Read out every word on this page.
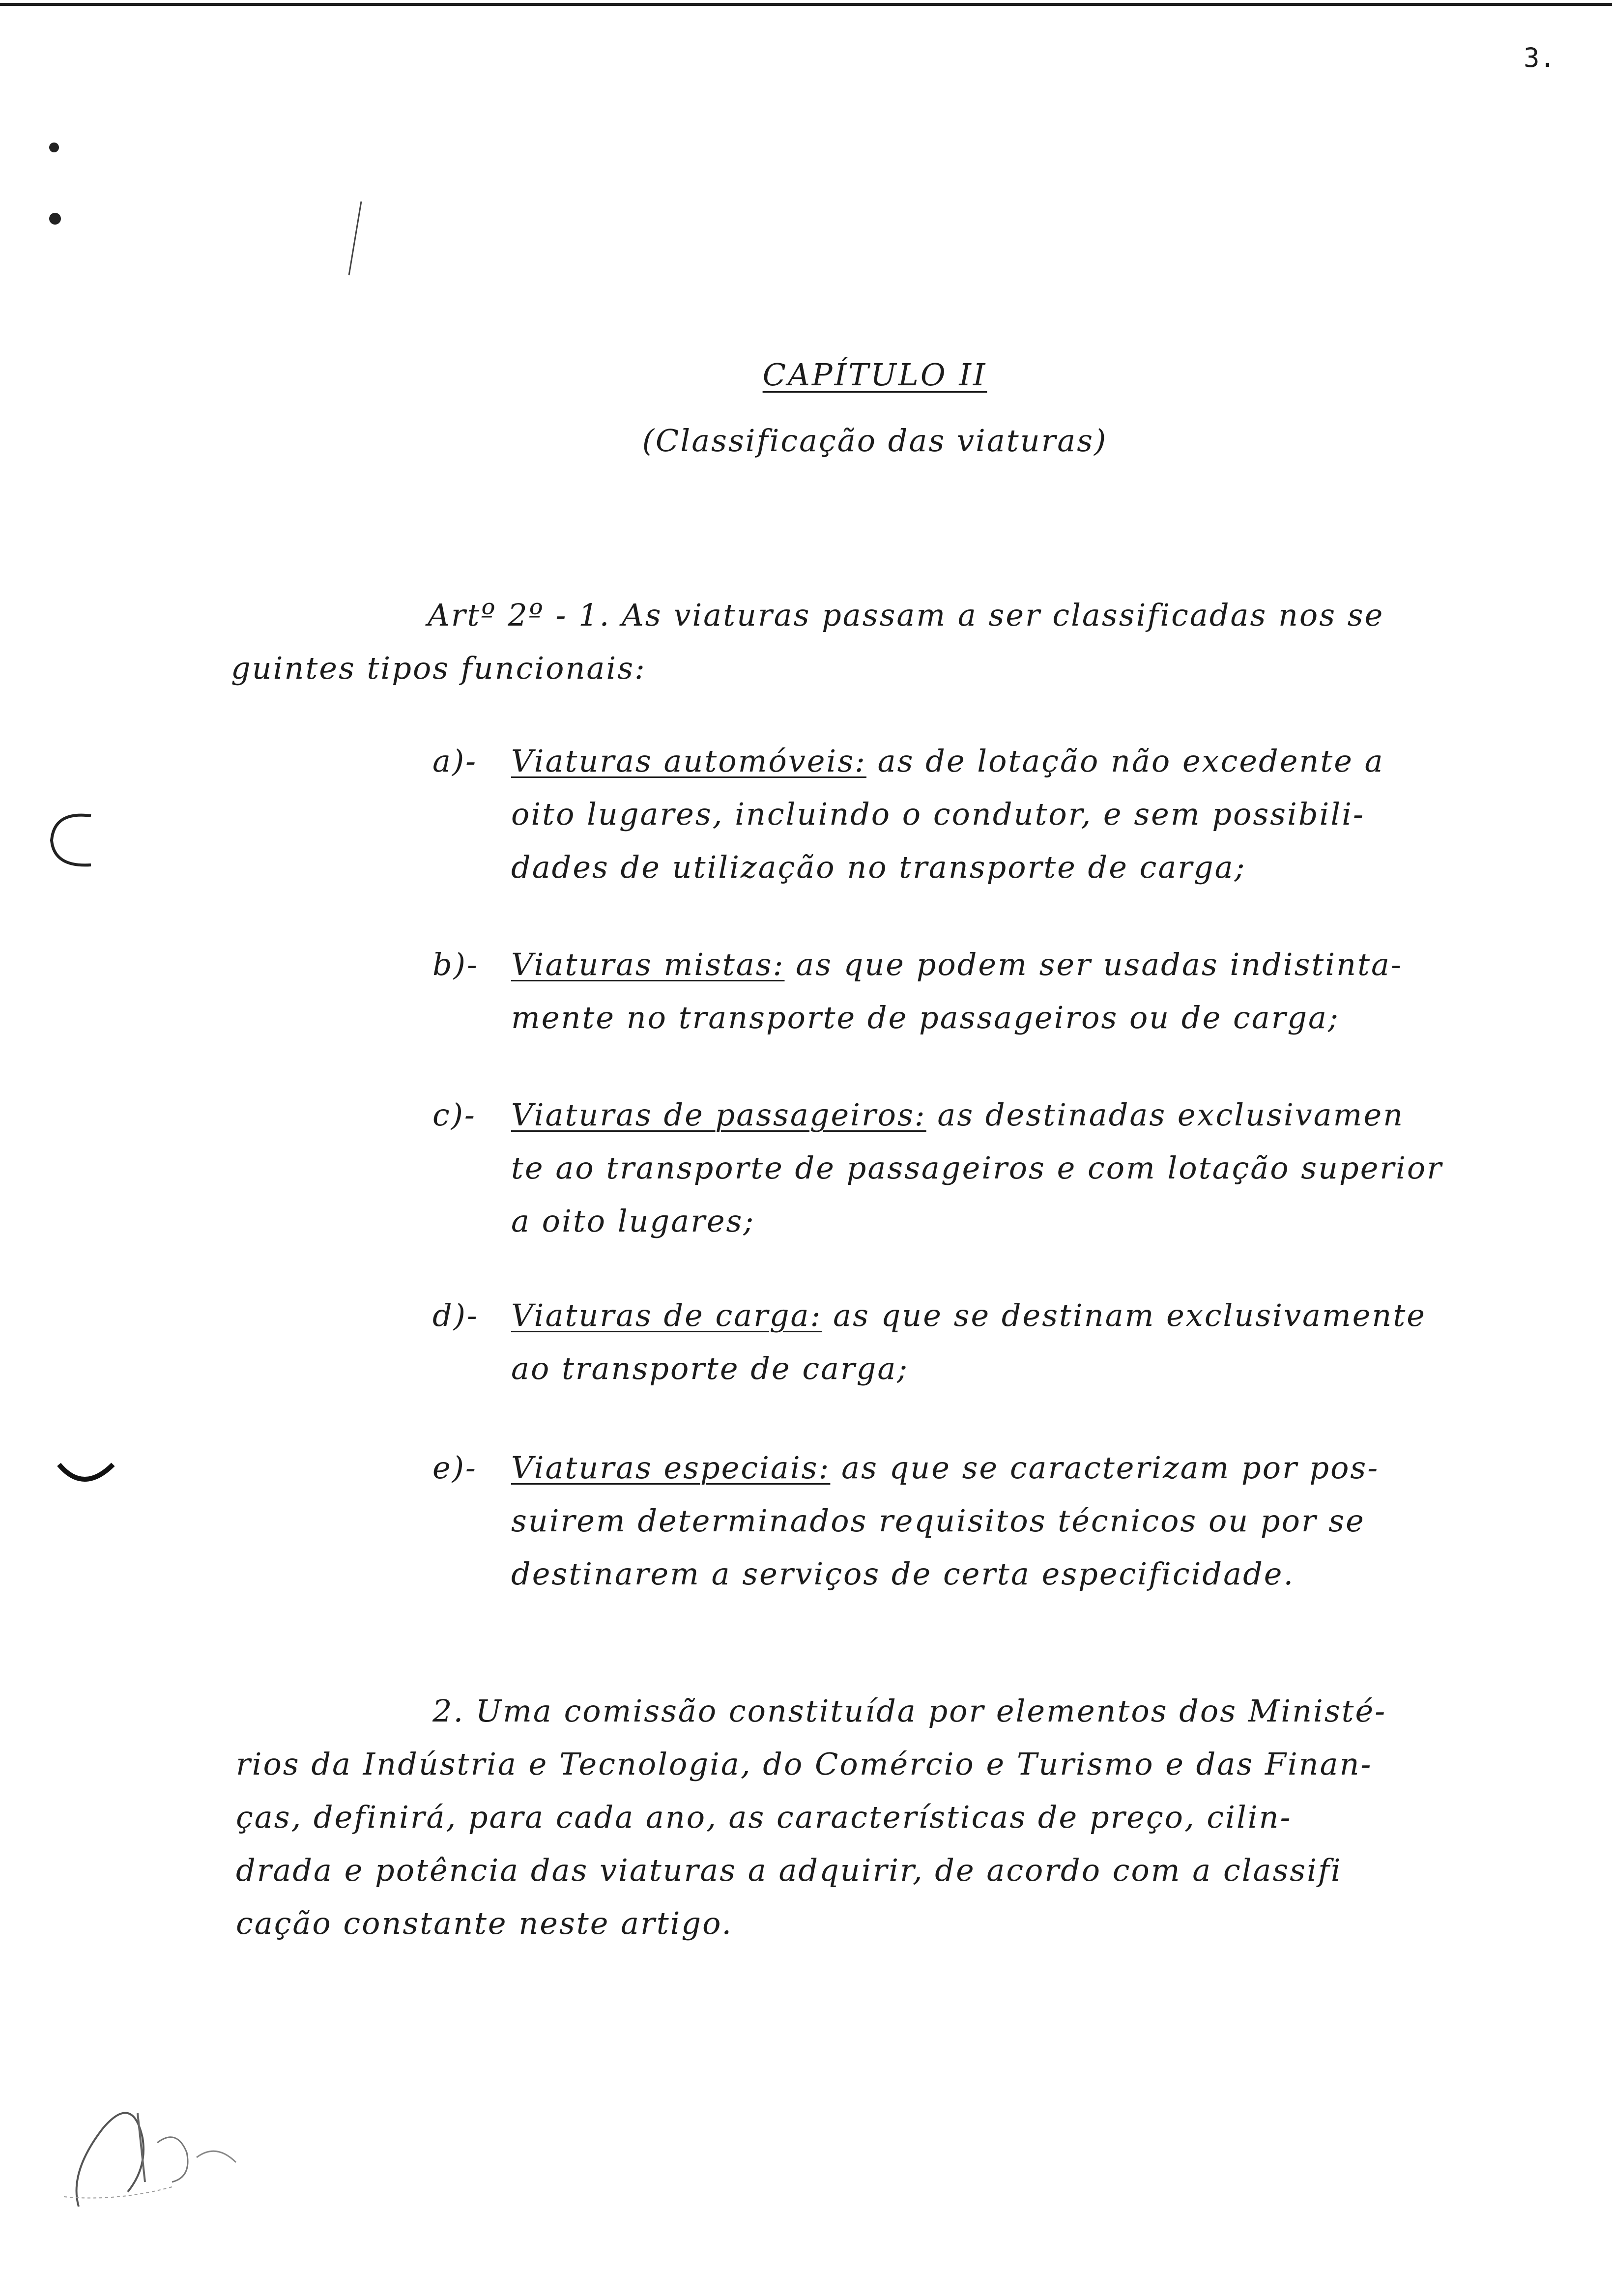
3.
CAPÍTULO II
(Classificação das viaturas)
Artº 2º - 1. As viaturas passam a ser classificadas nos se
guintes tipos funcionais:
a)- Viaturas automóveis: as de lotação não excedente a
oito lugares, incluindo o condutor, e sem possibili-
dades de utilização no transporte de carga;
b)- Viaturas mistas: as que podem ser usadas indistinta-
mente no transporte de passageiros ou de carga;
c)- Viaturas de passageiros: as destinadas exclusivamen
te ao transporte de passageiros e com lotação superior
a oito lugares;
d)- Viaturas de carga: as que se destinam exclusivamente
ao transporte de carga;
e)- Viaturas especiais: as que se caracterizam por pos-
suirem determinados requisitos técnicos ou por se
destinarem a serviços de certa especificidade.
2. Uma comissão constituída por elementos dos Ministé-
rios da Indústria e Tecnologia, do Comércio e Turismo e das Finan-
ças, definirá, para cada ano, as características de preço, cilin-
drada e potência das viaturas a adquirir, de acordo com a classifi
cação constante neste artigo.
